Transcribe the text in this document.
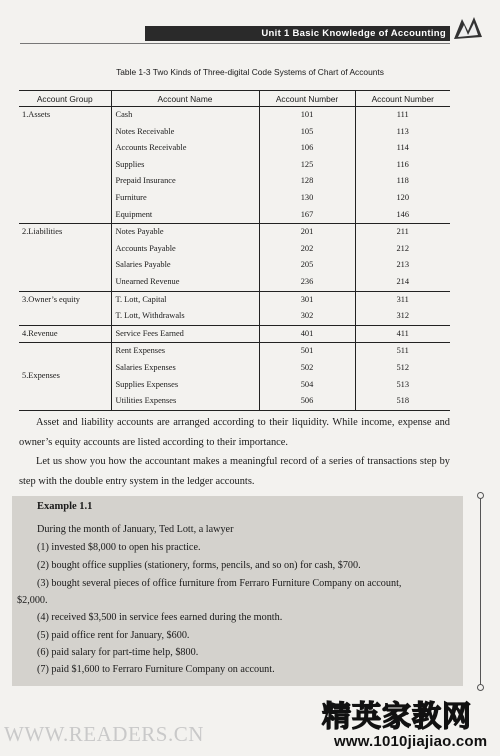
Unit 1 Basic Knowledge of Accounting
Table 1-3 Two Kinds of Three-digital Code Systems of Chart of Accounts
Account Group	Account Name	Account Number	Account Number
1.Assets	Cash	101	111
	Notes Receivable	105	113
	Accounts Receivable	106	114
	Supplies	125	116
	Prepaid Insurance	128	118
	Furniture	130	120
	Equipment	167	146
2.Liabilities	Notes Payable	201	211
	Accounts Payable	202	212
	Salaries Payable	205	213
	Unearned Revenue	236	214
3.Owner’s equity	T. Lott, Capital	301	311
	T. Lott, Withdrawals	302	312
4.Revenue	Service Fees Earned	401	411
5.Expenses	Rent Expenses	501	511
	Salaries Expenses	502	512
	Supplies Expenses	504	513
	Utilities Expenses	506	518
Asset and liability accounts are arranged according to their liquidity. While income, expense and owner’s equity accounts are listed according to their importance.
Let us show you how the accountant makes a meaningful record of a series of transactions step by step with the double entry system in the ledger accounts.
Example 1.1
During the month of January, Ted Lott, a lawyer
(1) invested $8,000 to open his practice.
(2) bought office supplies (stationery, forms, pencils, and so on) for cash, $700.
(3) bought several pieces of office furniture from Ferraro Furniture Company on account,
$2,000.
(4) received $3,500 in service fees earned during the month.
(5) paid office rent for January, $600.
(6) paid salary for part-time help, $800.
(7) paid $1,600 to Ferraro Furniture Company on account.
WWW.READERS.CN
精英家教网
www.1010jiajiao.com
